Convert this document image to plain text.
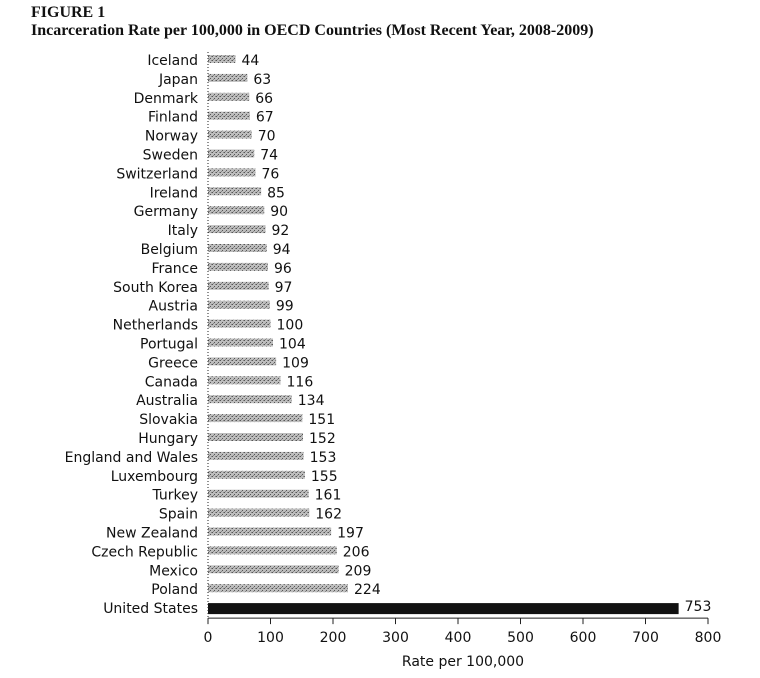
FIGURE 1
Incarceration Rate per 100,000 in OECD Countries (Most Recent Year, 2008-2009)
Iceland	44
Japan	63
Denmark	66
Finland	67
Norway	70
Sweden	74
Switzerland	76
Ireland	85
Germany	90
Italy	92
Belgium	94
France	96
South Korea	97
Austria	99
Netherlands	100
Portugal	104
Greece	109
Canada	116
Australia	134
Slovakia	151
Hungary	152
England and Wales	153
Luxembourg	155
Turkey	161
Spain	162
New Zealand	197
Czech Republic	206
Mexico	209
Poland	224
United States	753
0	100	200	300	400	500	600	700	800
Rate per 100,000
